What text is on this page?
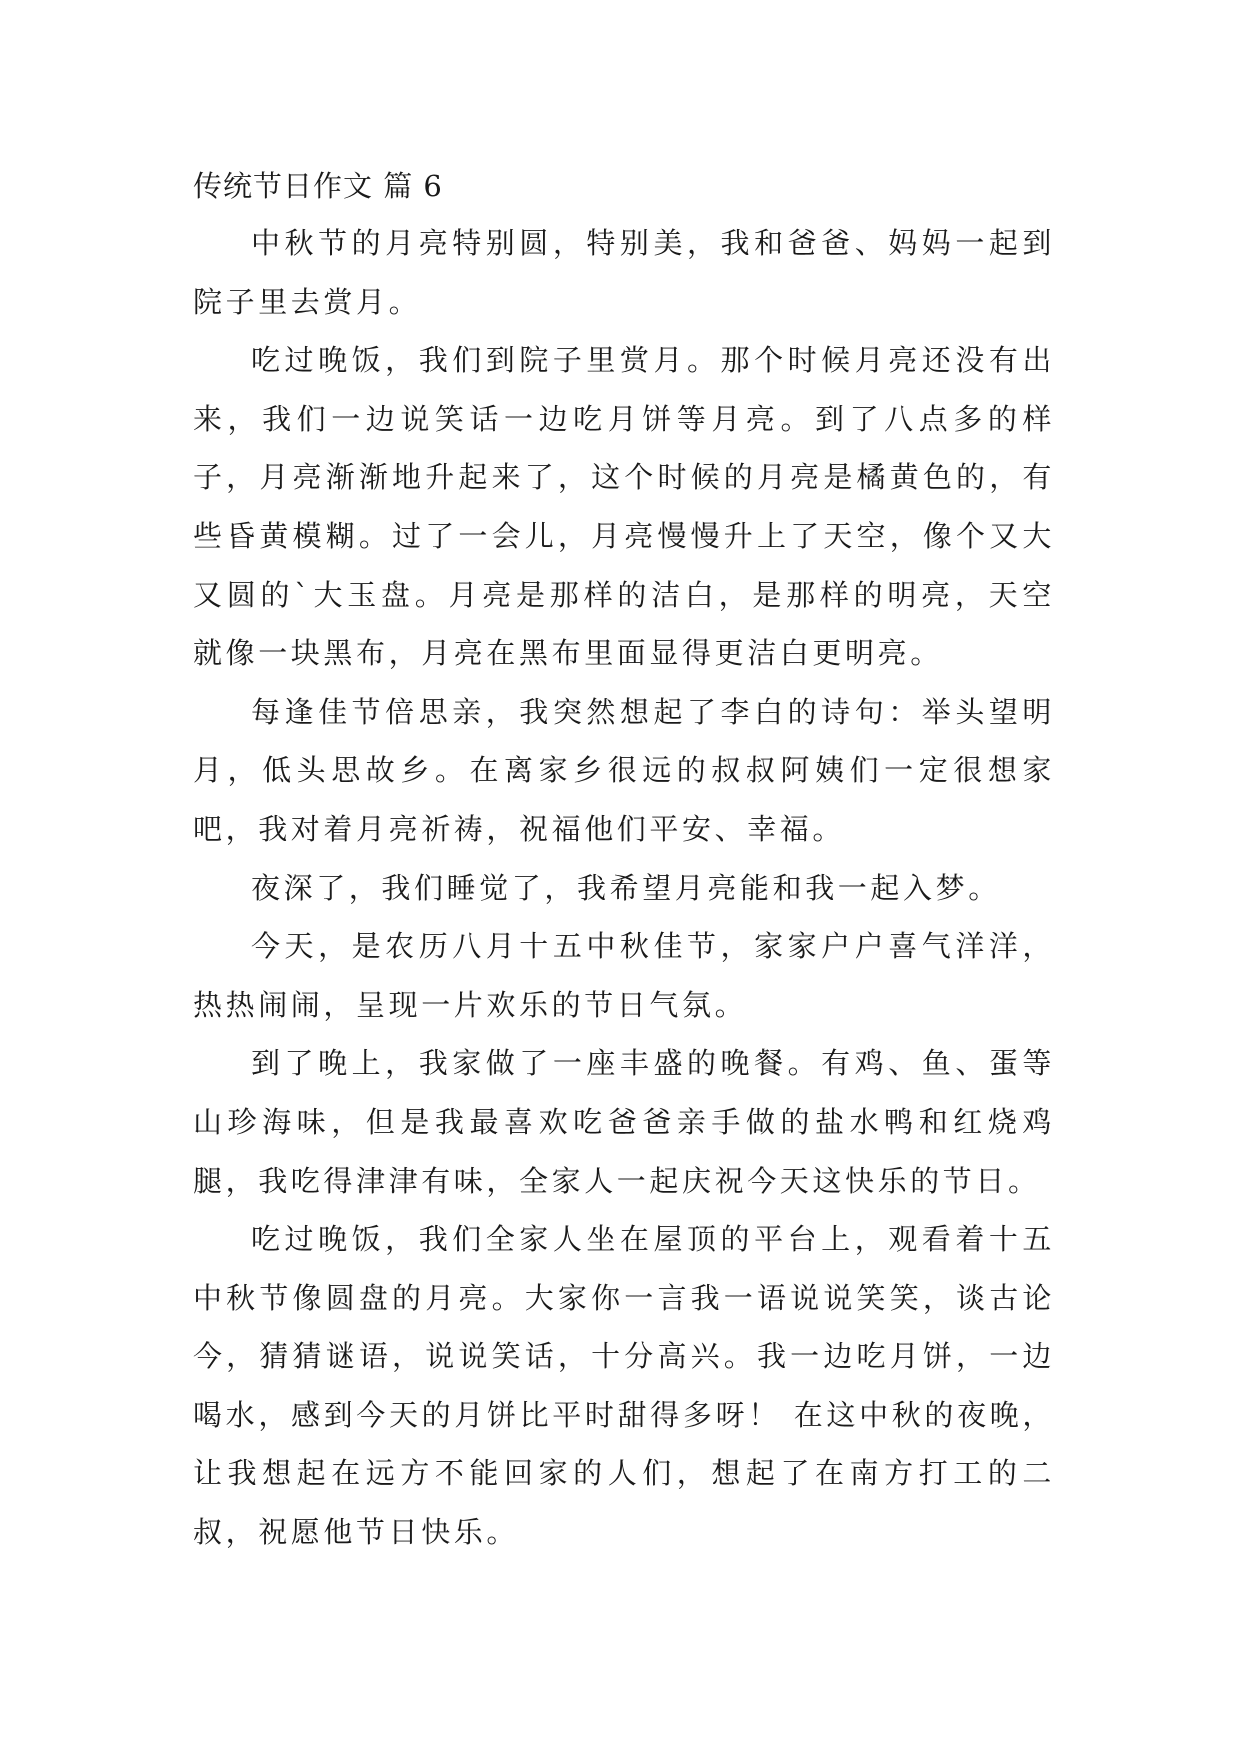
传统节日作文 篇 6

中秋节的月亮特别圆，特别美，我和爸爸、妈妈一起到院子里去赏月。

吃过晚饭，我们到院子里赏月。那个时候月亮还没有出来，我们一边说笑话一边吃月饼等月亮。到了八点多的样子，月亮渐渐地升起来了，这个时候的月亮是橘黄色的，有些昏黄模糊。过了一会儿，月亮慢慢升上了天空，像个又大又圆的`大玉盘。月亮是那样的洁白，是那样的明亮，天空就像一块黑布，月亮在黑布里面显得更洁白更明亮。

每逢佳节倍思亲，我突然想起了李白的诗句：举头望明月，低头思故乡。在离家乡很远的叔叔阿姨们一定很想家吧，我对着月亮祈祷，祝福他们平安、幸福。

夜深了，我们睡觉了，我希望月亮能和我一起入梦。

今天，是农历八月十五中秋佳节，家家户户喜气洋洋，热热闹闹，呈现一片欢乐的节日气氛。

到了晚上，我家做了一座丰盛的晚餐。有鸡、鱼、蛋等山珍海味，但是我最喜欢吃爸爸亲手做的盐水鸭和红烧鸡腿，我吃得津津有味，全家人一起庆祝今天这快乐的节日。

吃过晚饭，我们全家人坐在屋顶的平台上，观看着十五中秋节像圆盘的月亮。大家你一言我一语说说笑笑，谈古论今，猜猜谜语，说说笑话，十分高兴。我一边吃月饼，一边喝水，感到今天的月饼比平时甜得多呀！ 在这中秋的夜晚，让我想起在远方不能回家的人们，想起了在南方打工的二叔，祝愿他节日快乐。
